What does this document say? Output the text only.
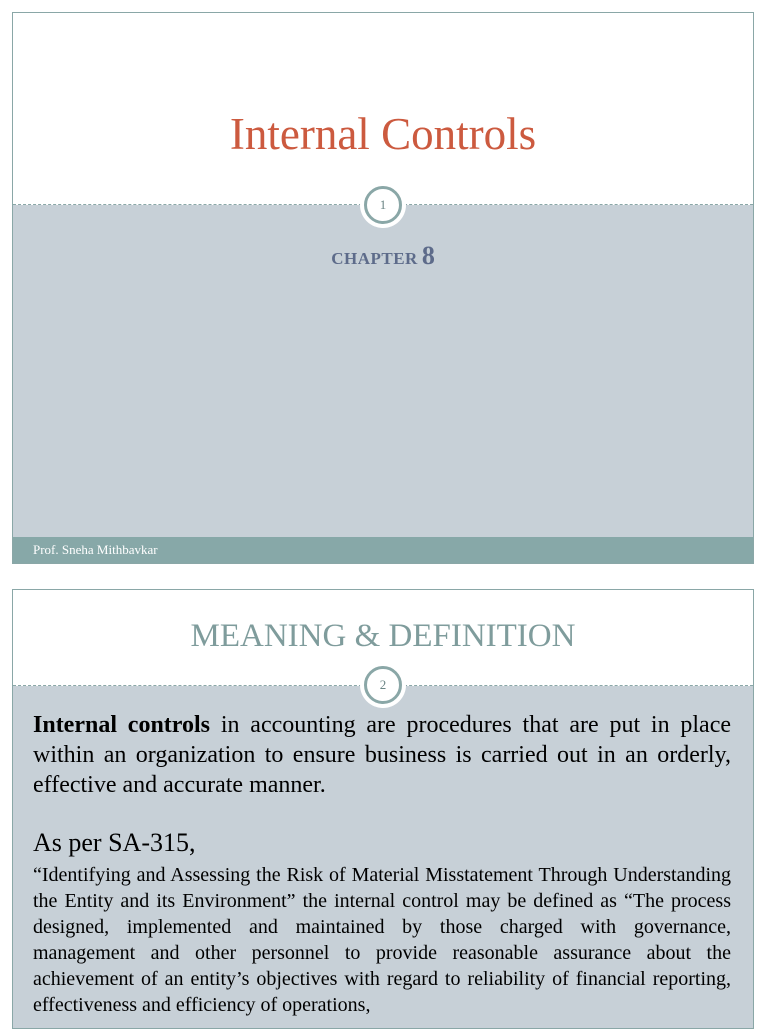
Internal Controls
1
CHAPTER 8
Prof. Sneha Mithbavkar
MEANING & DEFINITION
2

Internal controls in accounting are procedures that are put in place within an organization to ensure business is carried out in an orderly, effective and accurate manner.

As per SA-315,

“Identifying and Assessing the Risk of Material Misstatement Through Understanding the Entity and its Environment” the internal control may be defined as “The process designed, implemented and maintained by those charged with governance, management and other personnel to provide reasonable assurance about the achievement of an entity’s objectives with regard to reliability of financial reporting, effectiveness and efficiency of operations,
